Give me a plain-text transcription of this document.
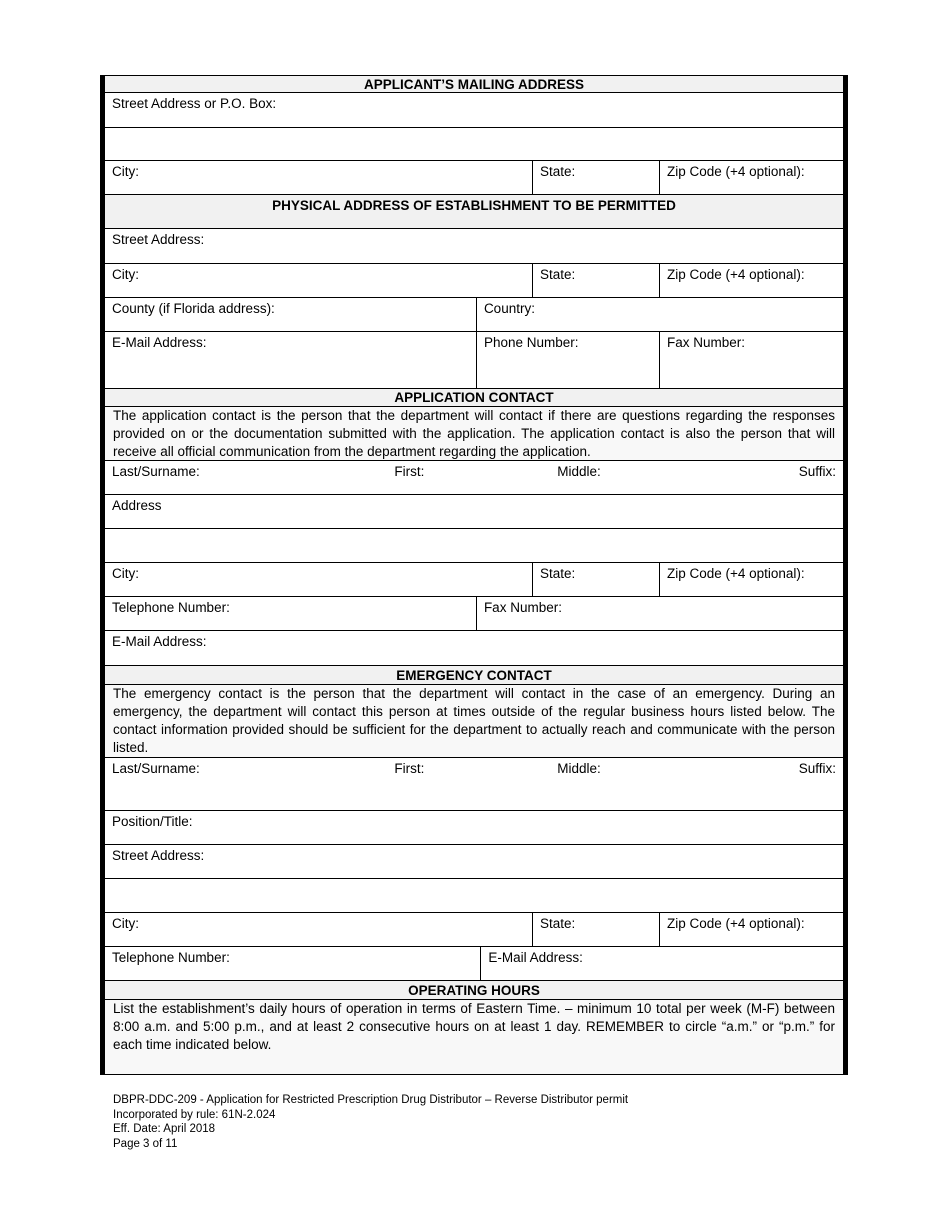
APPLICANT’S MAILING ADDRESS
Street Address or P.O. Box:
City:	State:	Zip Code (+4 optional):
PHYSICAL ADDRESS OF ESTABLISHMENT TO BE PERMITTED
Street Address:
City:	State:	Zip Code (+4 optional):
County (if Florida address):	Country:
E-Mail Address:	Phone Number:	Fax Number:
APPLICATION CONTACT
The application contact is the person that the department will contact if there are questions regarding the responses provided on or the documentation submitted with the application. The application contact is also the person that will receive all official communication from the department regarding the application.
Last/Surname:	First:	Middle:	Suffix:
Address
City:	State:	Zip Code (+4 optional):
Telephone Number:	Fax Number:
E-Mail Address:
EMERGENCY CONTACT
The emergency contact is the person that the department will contact in the case of an emergency. During an emergency, the department will contact this person at times outside of the regular business hours listed below. The contact information provided should be sufficient for the department to actually reach and communicate with the person listed.
Last/Surname:	First:	Middle:	Suffix:
Position/Title:
Street Address:
City:	State:	Zip Code (+4 optional):
Telephone Number:	E-Mail Address:
OPERATING HOURS
List the establishment’s daily hours of operation in terms of Eastern Time. – minimum 10 total per week (M-F) between 8:00 a.m. and 5:00 p.m., and at least 2 consecutive hours on at least 1 day. REMEMBER to circle “a.m.” or “p.m.” for each time indicated below.
DBPR-DDC-209 - Application for Restricted Prescription Drug Distributor – Reverse Distributor permit
Incorporated by rule: 61N-2.024
Eff. Date: April 2018
Page 3 of 11
